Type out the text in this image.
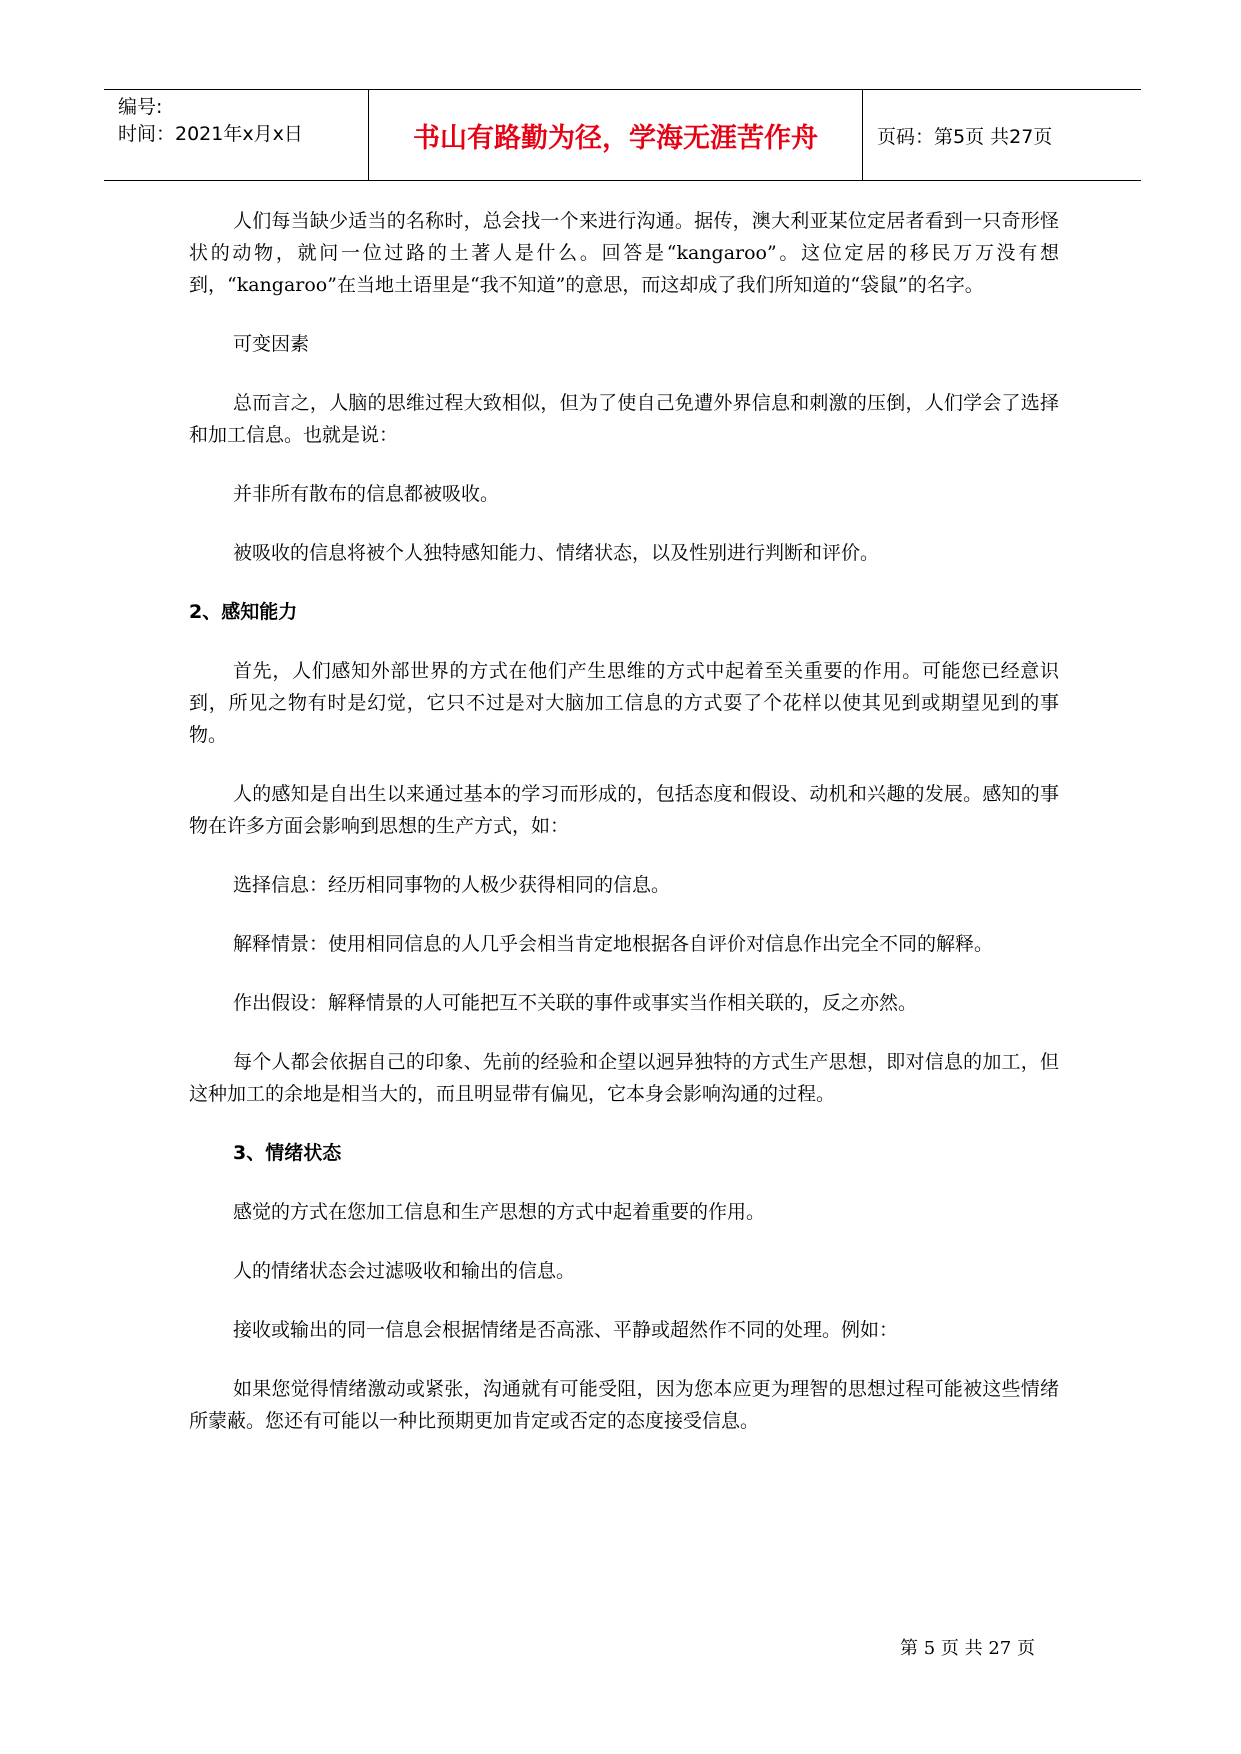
编号:
时间：2021年x月x日	书山有路勤为径，学海无涯苦作舟	页码：第5页 共27页

人们每当缺少适当的名称时，总会找一个来进行沟通。据传，澳大利亚某位定居者看到一只奇形怪状的动物，就问一位过路的土著人是什么。回答是“kangaroo”。这位定居的移民万万没有想到，“kangaroo”在当地土语里是“我不知道”的意思，而这却成了我们所知道的“袋鼠”的名字。

可变因素

总而言之，人脑的思维过程大致相似，但为了使自己免遭外界信息和刺激的压倒，人们学会了选择和加工信息。也就是说：

并非所有散布的信息都被吸收。

被吸收的信息将被个人独特感知能力、情绪状态，以及性别进行判断和评价。

2、感知能力

首先，人们感知外部世界的方式在他们产生思维的方式中起着至关重要的作用。可能您已经意识到，所见之物有时是幻觉，它只不过是对大脑加工信息的方式耍了个花样以使其见到或期望见到的事物。

人的感知是自出生以来通过基本的学习而形成的，包括态度和假设、动机和兴趣的发展。感知的事物在许多方面会影响到思想的生产方式，如：

选择信息：经历相同事物的人极少获得相同的信息。

解释情景：使用相同信息的人几乎会相当肯定地根据各自评价对信息作出完全不同的解释。

作出假设：解释情景的人可能把互不关联的事件或事实当作相关联的，反之亦然。

每个人都会依据自己的印象、先前的经验和企望以迥异独特的方式生产思想，即对信息的加工，但这种加工的余地是相当大的，而且明显带有偏见，它本身会影响沟通的过程。

3、情绪状态

感觉的方式在您加工信息和生产思想的方式中起着重要的作用。

人的情绪状态会过滤吸收和输出的信息。

接收或输出的同一信息会根据情绪是否高涨、平静或超然作不同的处理。例如：

如果您觉得情绪激动或紧张，沟通就有可能受阻，因为您本应更为理智的思想过程可能被这些情绪所蒙蔽。您还有可能以一种比预期更加肯定或否定的态度接受信息。

第 5 页 共 27 页
